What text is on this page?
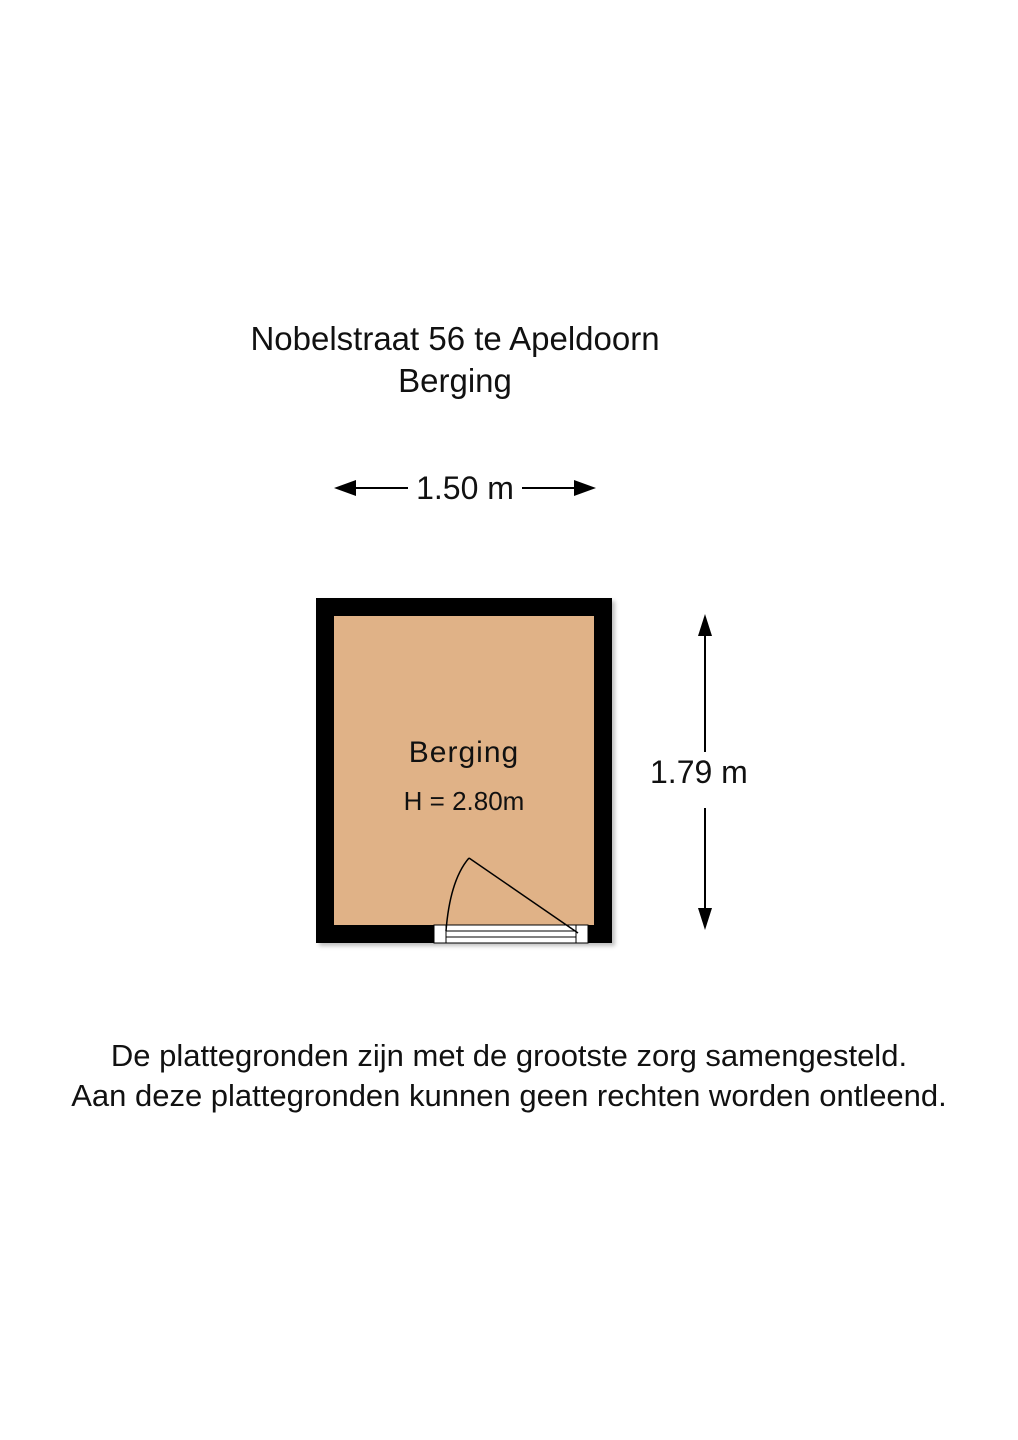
Nobelstraat 56 te Apeldoorn
Berging
1.50 m
1.79 m
Berging
H = 2.80m
De plattegronden zijn met de grootste zorg samengesteld.
Aan deze plattegronden kunnen geen rechten worden ontleend.
